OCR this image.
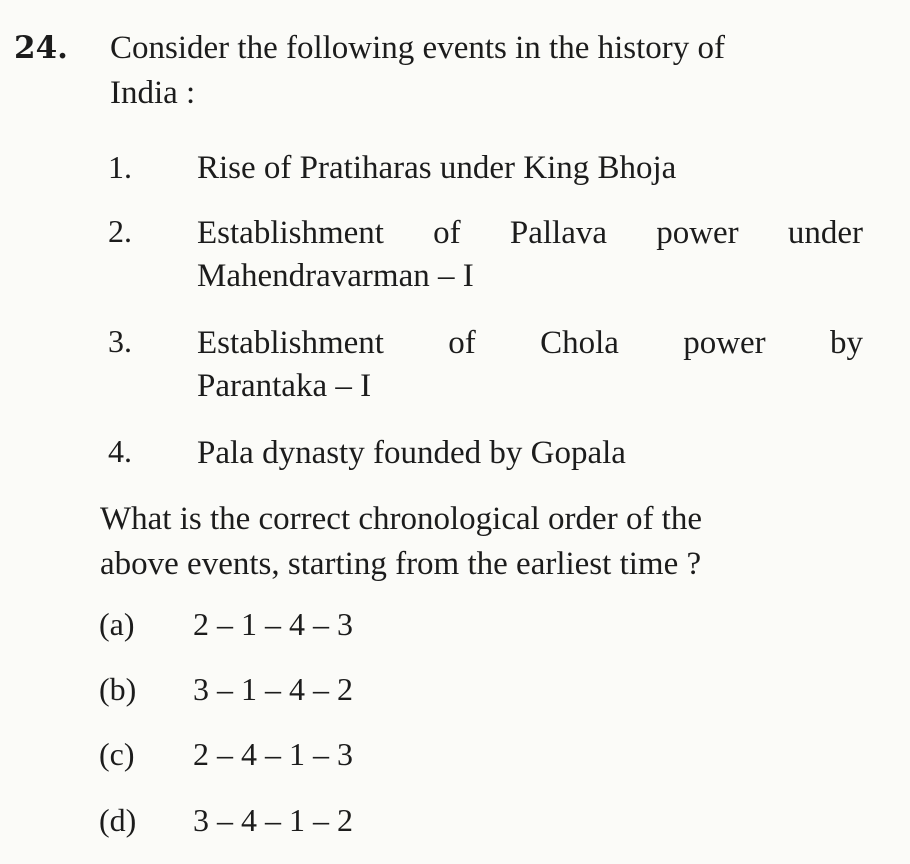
24. Consider the following events in the history of
India :
1. Rise of Pratiharas under King Bhoja
2. Establishment of Pallava power under
Mahendravarman – I
3. Establishment of Chola power by
Parantaka – I
4. Pala dynasty founded by Gopala
What is the correct chronological order of the
above events, starting from the earliest time ?
(a) 2 – 1 – 4 – 3
(b) 3 – 1 – 4 – 2
(c) 2 – 4 – 1 – 3
(d) 3 – 4 – 1 – 2
